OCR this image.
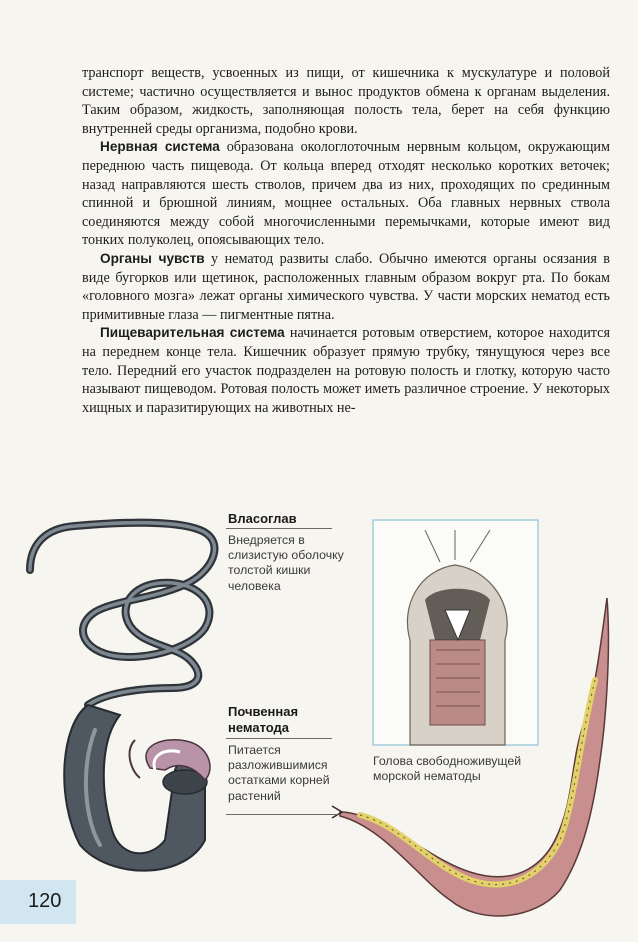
транспорт веществ, усвоенных из пищи, от кишечника к мускулатуре и половой системе; частично осуществляется и вынос продуктов обмена к органам выделения. Таким образом, жидкость, заполняющая полость тела, берет на себя функцию внутренней среды организма, подобно крови.

Нервная система образована окологлоточным нервным кольцом, окружающим переднюю часть пищевода. От кольца вперед отходят несколько коротких веточек; назад направляются шесть стволов, причем два из них, проходящих по срединным спинной и брюшной линиям, мощнее остальных. Оба главных нервных ствола соединяются между собой многочисленными перемычками, которые имеют вид тонких полуколец, опоясывающих тело.

Органы чувств у нематод развиты слабо. Обычно имеются органы осязания в виде бугорков или щетинок, расположенных главным образом вокруг рта. По бокам «головного мозга» лежат органы химического чувства. У части морских нематод есть примитивные глаза — пигментные пятна.

Пищеварительная система начинается ротовым отверстием, которое находится на переднем конце тела. Кишечник образует прямую трубку, тянущуюся через все тело. Передний его участок подразделен на ротовую полость и глотку, которую часто называют пищеводом. Ротовая полость может иметь различное строение. У некоторых хищных и паразитирующих на животных не-

Власоглав
Внедряется в слизистую оболочку толстой кишки человека
Почвенная нематода
Питается разложившимися остатками корней растений
Голова свободноживущей морской нематоды
120
